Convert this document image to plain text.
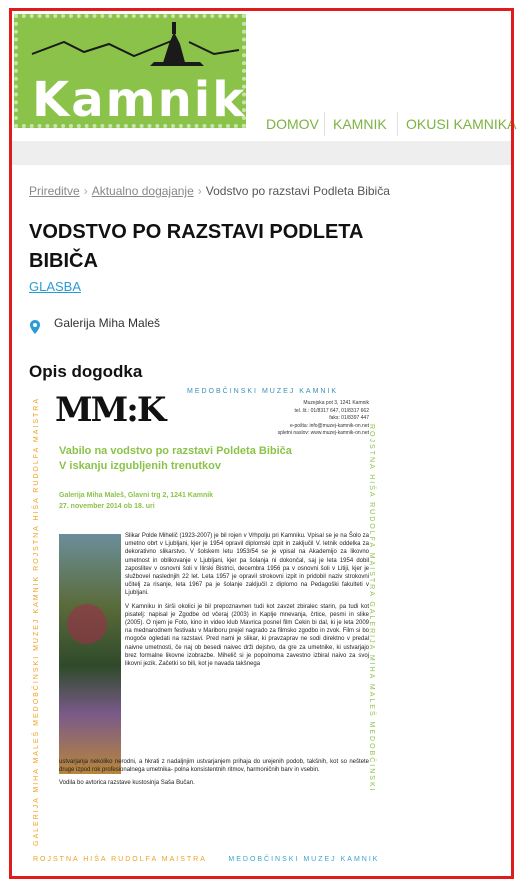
Kamnik DOMOV KAMNIK OKUSI KAMNIKA
Prireditve › Aktualno dogajanje › Vodstvo po razstavi Podleta Bibiča
VODSTVO PO RAZSTAVI PODLETA BIBIČA
GLASBA
Galerija Miha Maleš
Opis dogodka
GALERIJA MIHA MALEŠ MEDOBČINSKI MUZEJ KAMNIK ROJSTNA HIŠA RUDOLFA MAISTRA	ROJSTNA HIŠA RUDOLFA MAISTRA GALERIJA MIHA MALEŠ MEDOBČINSKI
MM:K	MEDOBČINSKI MUZEJ KAMNIK
Muzejska pot 3, 1241 Kamnik
tel. št.: 01/8317 647, 01/8317 662
faks: 01/8397 447
e-pošta: info@muzej-kamnik-on.net
spletni naslov: www.muzej-kamnik-on.net
Vabilo na vodstvo po razstavi Poldeta Bibiča
V iskanju izgubljenih trenutkov
Galerija Miha Maleš, Glavni trg 2, 1241 Kamnik
27. november 2014 ob 18. uri

Slikar Polde Mihelič (1923-2007) je bil rojen v Vrhpolju pri Kamniku. Vpisal se je na Šolo za umetno obrt v Ljubljani, kjer je 1954 opravil diplomski izpit in zaključil V. letnik oddelka za dekorativno slikarstvo. V šolskem letu 1953/54 se je vpisal na Akademijo za likovno umetnost in oblikovanje v Ljubljani, kjer pa šolanja ni dokončal, saj je leta 1954 dobil zaposlitev v osnovni šoli v Ilirski Bistrici, decembra 1956 pa v osnovni šoli v Litiji, kjer je službovel naslednjih 22 let. Leta 1957 je opravil strokovni izpit in pridobil naziv strokovni učitelj za risanje, leta 1967 pa je šolanje zaključil z diplomo na Pedagoški fakulteti v Ljubljani.

V Kamniku in širši okolici je bil prepoznavnen tudi kot zavzet zbiralec starin, pa tudi kot pisatelj: napisal je Zgodbe od včeraj (2003) in Kaplje mnevanja, črtice, pesmi in slike (2005). O njem je Foto, kino in video klub Mavrica posnel film Cekin bi dal, ki je leta 2009 na mednarodnem festivalu v Mariboru prejel nagrado za filmsko zgodbo in zvok. Film si bo mogoče ogledati na razstavi. Pred nami je slikar, ki pravzaprav ne sodi direktno v predal naivne umetnosti, če naj ob besedi naivec drži dejstvo, da gre za umetnike, ki ustvarjajo brez formalne likovne izobrazbe. Mihelič si je popolnoma zavestno izbiral naivo za svoj likovni jezik. Začetki so bili, kot je navada takšnega

ustvarjanja nekoliko nerodni, a hkrati z nadaljnjim ustvarjanjem prihaja do urejenih podob, takšnih, kot so neštete druge izpod rok profesionalnega umetnika- polna konsistentnih ritmov, harmoničnih barv in vsebin.

Vodila bo avtorica razstave kustosinja Saša Bučan.

ROJSTNA HIŠA RUDOLFA MAISTRA	MEDOBČINSKI MUZEJ KAMNIK
